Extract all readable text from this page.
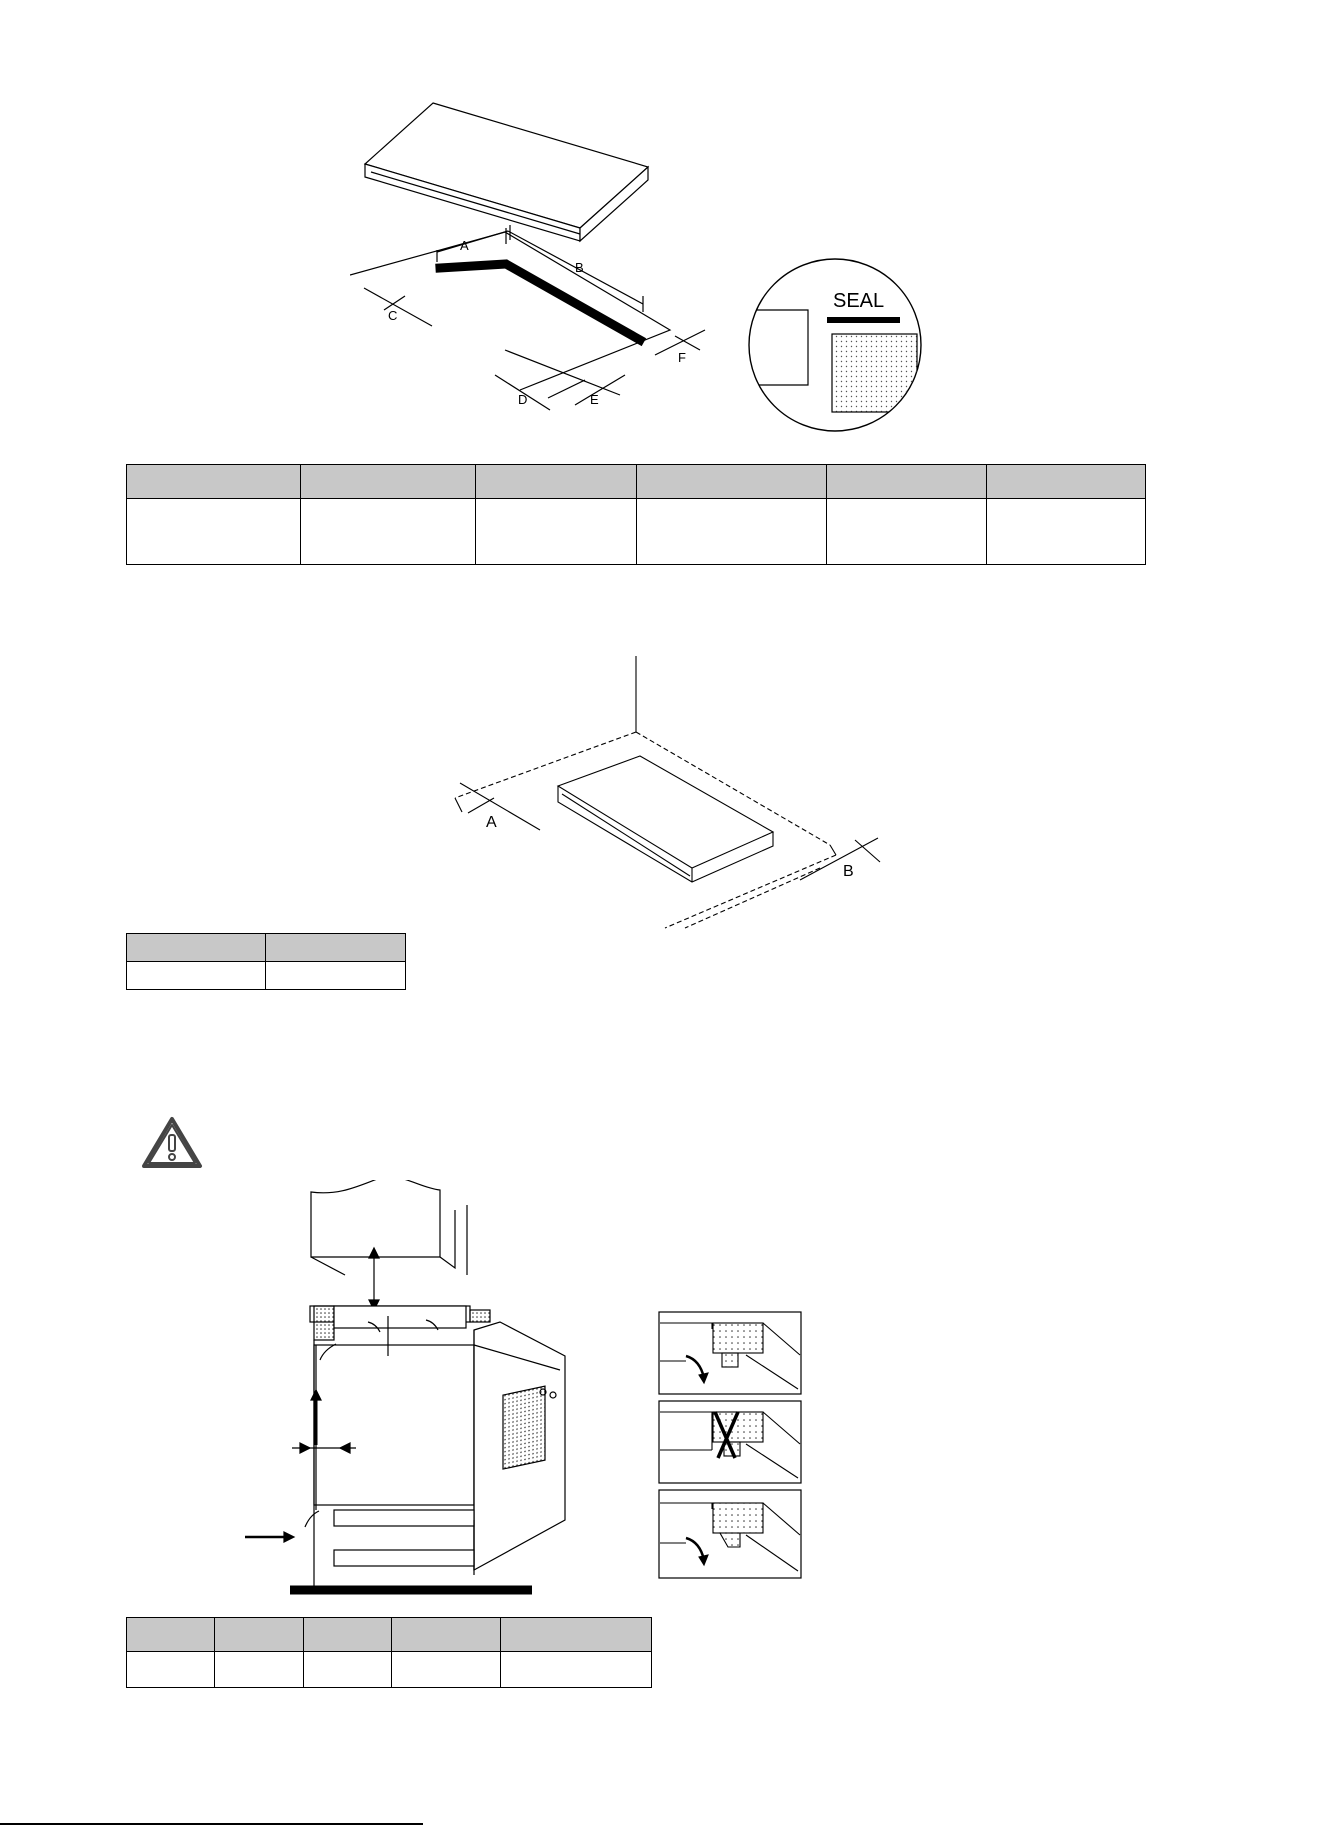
A
B
C
D	E
F
SEAL

A
B
